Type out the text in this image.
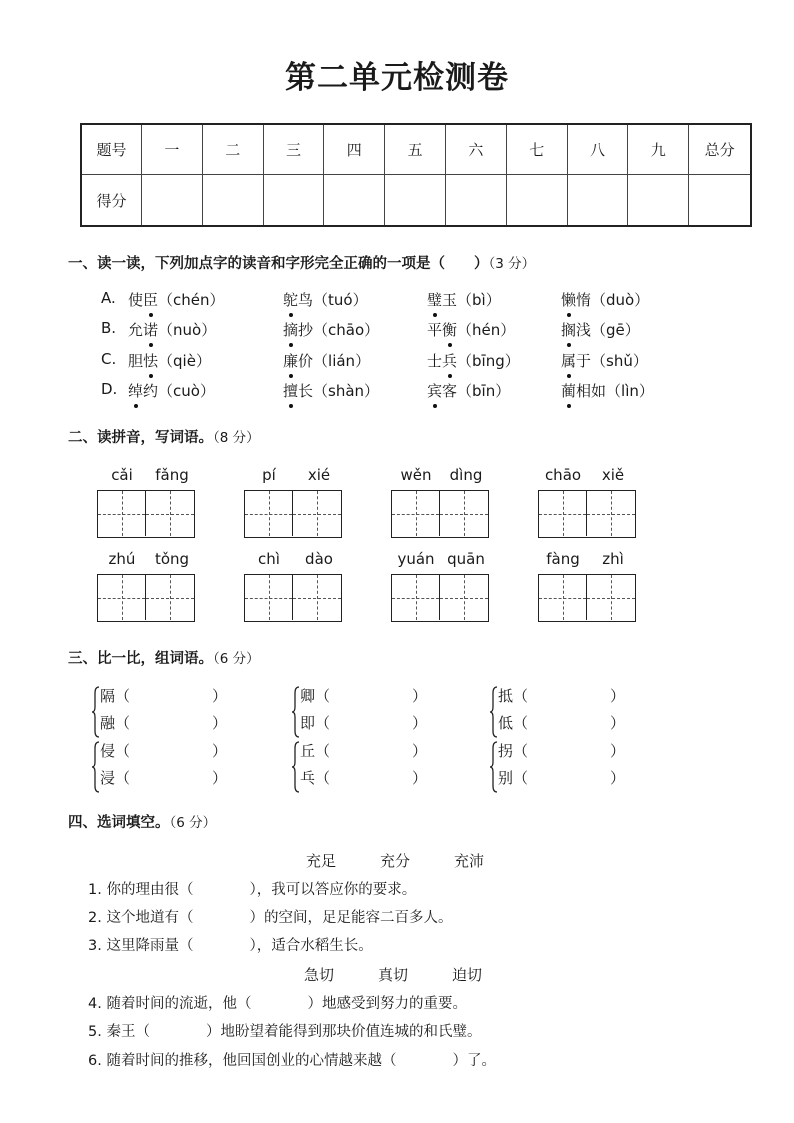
第二单元检测卷
题号	一	二	三	四	五	六	七	八	九	总分
得分
一、读一读，下列加点字的读音和字形完全正确的一项是（　　）（3 分）
A. 使臣（chén）	鸵鸟（tuó）	璧玉（bì）	懒惰（duò）
B. 允诺（nuò）	摘抄（chāo）	平衡（hén）	搁浅（gē）
C. 胆怯（qiè）	廉价（lián）	士兵（bīng）	属于（shǔ）
D. 绰约（cuò）	擅长（shàn）	宾客（bīn）	蔺相如（lìn）
二、读拼音，写词语。（8 分）
cǎi fǎng	pí xié	wěn dìng	chāo xiě
zhú tǒng	chì dào	yuán quān	fàng zhì
三、比一比，组词语。（6 分）
隔（	）
融（	）
卿（	）
即（	）
抵（	）
低（	）
侵（	）
浸（	）
丘（	）
乓（	）
拐（	）
别（	）
四、选词填空。（6 分）
充足	充分	充沛
1. 你的理由很（	），我可以答应你的要求。
2. 这个地道有（	）的空间，足足能容二百多人。
3. 这里降雨量（	），适合水稻生长。
急切	真切	迫切
4. 随着时间的流逝，他（	）地感受到努力的重要。
5. 秦王（	）地盼望着能得到那块价值连城的和氏璧。
6. 随着时间的推移，他回国创业的心情越来越（	）了。
